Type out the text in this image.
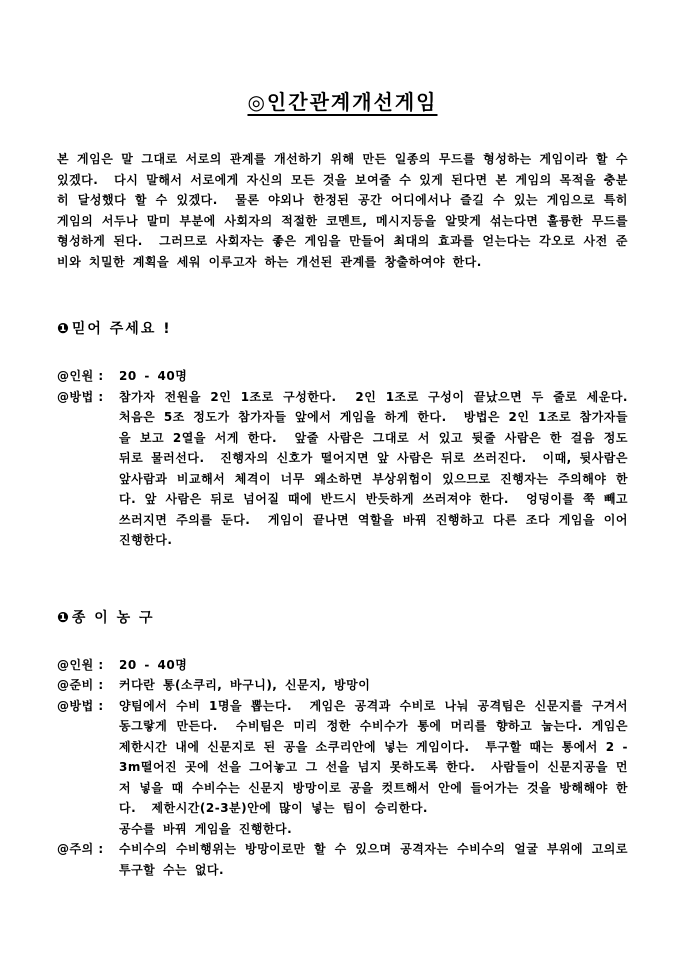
◎인간관계개선게임

본 게임은 말 그대로 서로의 관계를 개선하기 위해 만든 일종의 무드를 형성하는 게임이라 할 수 있겠다.  다시 말해서 서로에게 자신의 모든 것을 보여줄 수 있게 된다면 본 게임의 목적을 충분히 달성했다 할 수 있겠다.  물론 야외나 한정된 공간 어디에서나 즐길 수 있는 게임으로 특히 게임의 서두나 말미 부분에 사회자의 적절한 코멘트, 메시지등을 알맞게 섞는다면 훌륭한 무드를 형성하게 된다.  그러므로 사회자는 좋은 게임을 만들어 최대의 효과를 얻는다는 각오로 사전 준비와 치밀한 계획을 세워 이루고자 하는 개선된 관계를 창출하여야 한다.

❶믿어 주세요 !
@인원 :	20 - 40명
@방법 :	참가자 전원을 2인 1조로 구성한다.  2인 1조로 구성이 끝났으면 두 줄로 세운다.  처음은 5조 정도가 참가자들 앞에서 게임을 하게 한다.  방법은 2인 1조로 참가자들을 보고 2열을 서게 한다.  앞줄 사람은 그대로 서 있고 뒷줄 사람은 한 걸음 정도 뒤로 물러선다.  진행자의 신호가 떨어지면 앞 사람은 뒤로 쓰러진다.  이때, 뒷사람은 앞사람과 비교해서 체격이 너무 왜소하면 부상위험이 있으므로 진행자는 주의해야 한다. 앞 사람은 뒤로 넘어질 때에 반드시 반듯하게 쓰러져야 한다.  엉덩이를 쭉 빼고 쓰러지면 주의를 둔다.  게임이 끝나면 역할을 바꿔 진행하고 다른 조다 게임을 이어 진행한다.
❶종 이 농 구
@인원 :	20 - 40명
@준비 :	커다란 통(소쿠리, 바구니), 신문지, 방망이
@방법 :	양팀에서 수비 1명을 뽑는다.  게임은 공격과 수비로 나눠 공격팀은 신문지를 구겨서 동그랗게 만든다.  수비팀은 미리 정한 수비수가 통에 머리를 향하고 눕는다. 게임은 제한시간 내에 신문지로 된 공을 소쿠리안에 넣는 게임이다.  투구할 때는 통에서 2 - 3m떨어진 곳에 선을 그어놓고 그 선을 넘지 못하도록 한다.  사람들이 신문지공을 먼저 넣을 때 수비수는 신문지 방망이로 공을 컷트해서 안에 들어가는 것을 방해해야 한다.  제한시간(2-3분)안에 많이 넣는 팀이 승리한다.
공수를 바꿔 게임을 진행한다.
@주의 :	수비수의 수비행위는 방망이로만 할 수 있으며 공격자는 수비수의 얼굴 부위에 고의로 투구할 수는 없다.
